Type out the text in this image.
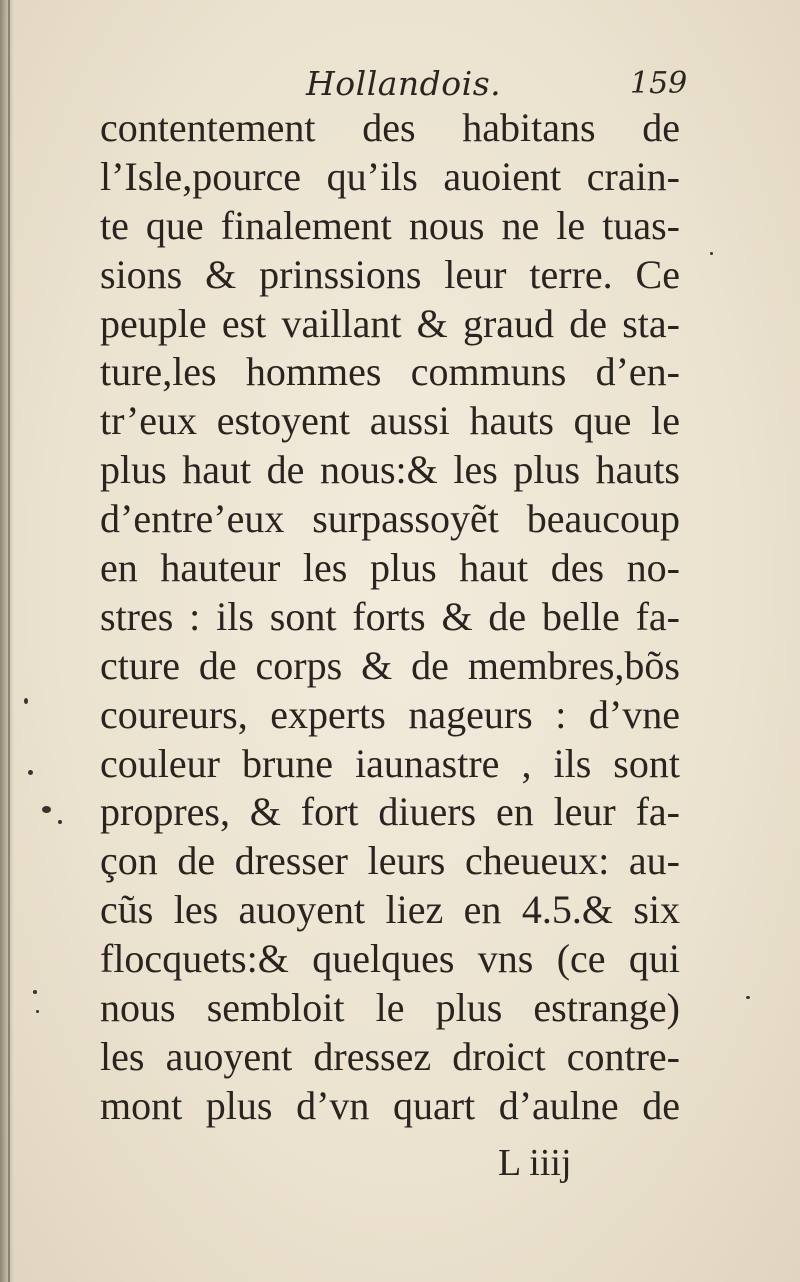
Hollandois.	159
contentement des habitans de
l’Isle,pource qu’ils auoient crain-
te que finalement nous ne le tuas-
sions & prinssions leur terre. Ce
peuple est vaillant & graud de sta-
ture,les hommes communs d’en-
tr’eux estoyent aussi hauts que le
plus haut de nous:& les plus hauts
d’entre’eux surpassoyẽt beaucoup
en hauteur les plus haut des no-
stres : ils sont forts & de belle fa-
cture de corps & de membres,bõs
coureurs, experts nageurs : d’vne
couleur brune iaunastre , ils sont
propres, & fort diuers en leur fa-
çon de dresser leurs cheueux: au-
cũs les auoyent liez en 4.5.& six
flocquets:& quelques vns (ce qui
nous sembloit le plus estrange)
les auoyent dressez droict contre-
mont plus d’vn quart d’aulne de
L iiij
